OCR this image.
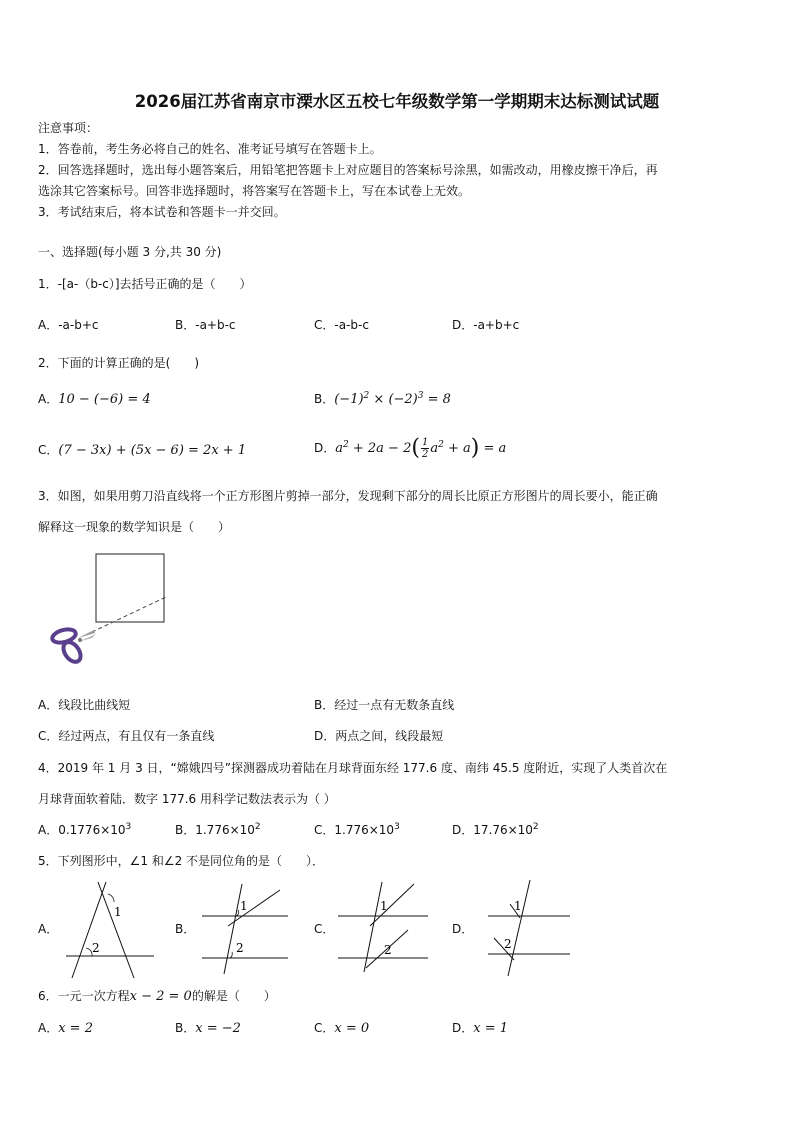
2026届江苏省南京市溧水区五校七年级数学第一学期期末达标测试试题
注意事项：
1．答卷前，考生务必将自己的姓名、准考证号填写在答题卡上。
2．回答选择题时，选出每小题答案后，用铅笔把答题卡上对应题目的答案标号涂黑，如需改动，用橡皮擦干净后，再
选涂其它答案标号。回答非选择题时，将答案写在答题卡上，写在本试卷上无效。
3．考试结束后，将本试卷和答题卡一并交回。
一、选择题(每小题 3 分,共 30 分)
1．-[a-（b-c）]去括号正确的是（　　）
A．-a-b+c	B．-a+b-c	C．-a-b-c	D．-a+b+c
2．下面的计算正确的是(　　)
A．10 − (−6) = 4	B．$(-1)^2 \times (-2)^3 = 8$
C．(7 − 3x) + (5x − 6) = 2x + 1	D．$a^2 + 2a - 2( \frac{1}{2} a^2 + a) = a$
3．如图，如果用剪刀沿直线将一个正方形图片剪掉一部分，发现剩下部分的周长比原正方形图片的周长要小，能正确
解释这一现象的数学知识是（　　）
A．线段比曲线短	B．经过一点有无数条直线
C．经过两点，有且仅有一条直线	D．两点之间，线段最短
4．2019 年 1 月 3 日，“嫦娥四号”探测器成功着陆在月球背面东经 177.6 度、南纬 45.5 度附近，实现了人类首次在
月球背面软着陆．数字 177.6 用科学记数法表示为（ ）
A．$0.1776\times 10^3$	B．$1.776\times 10^2$	C．$1.776\times 10^3$	D．$17.76\times 10^2$
5．下列图形中，∠1 和∠2 不是同位角的是（　　）．
A．
1
2
B．
1
2
C．
1
2
D．
1
2
6．一元一次方程x − 2 = 0的解是（　　）
A．x = 2	B．x = −2	C．x = 0	D．x = 1
